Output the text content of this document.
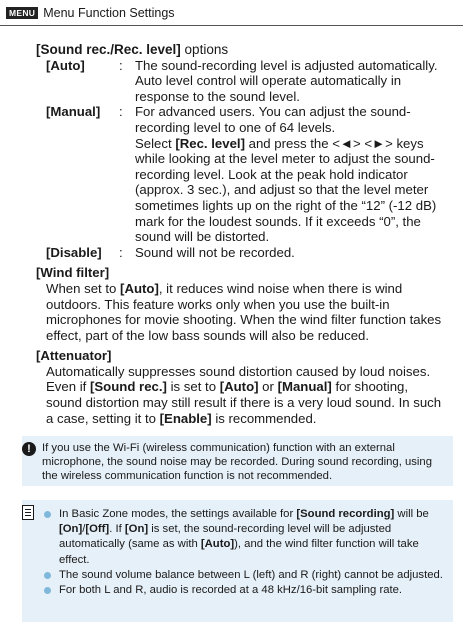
MENU Menu Function Settings
[Sound rec./Rec. level] options
[Auto]	: The sound-recording level is adjusted automatically. Auto level control will operate automatically in response to the sound level.
[Manual]	: For advanced users. You can adjust the sound-recording level to one of 64 levels.
Select [Rec. level] and press the <◄> <►> keys while looking at the level meter to adjust the sound-recording level. Look at the peak hold indicator (approx. 3 sec.), and adjust so that the level meter sometimes lights up on the right of the “12” (-12 dB) mark for the loudest sounds. If it exceeds “0”, the sound will be distorted.
[Disable]	: Sound will not be recorded.
[Wind filter]
When set to [Auto], it reduces wind noise when there is wind outdoors. This feature works only when you use the built-in microphones for movie shooting. When the wind filter function takes effect, part of the low bass sounds will also be reduced.
[Attenuator]
Automatically suppresses sound distortion caused by loud noises. Even if [Sound rec.] is set to [Auto] or [Manual] for shooting, sound distortion may still result if there is a very loud sound. In such a case, setting it to [Enable] is recommended.
! If you use the Wi-Fi (wireless communication) function with an external microphone, the sound noise may be recorded. During sound recording, using the wireless communication function is not recommended.
In Basic Zone modes, the settings available for [Sound recording] will be [On]/[Off]. If [On] is set, the sound-recording level will be adjusted automatically (same as with [Auto]), and the wind filter function will take effect.
The sound volume balance between L (left) and R (right) cannot be adjusted.
For both L and R, audio is recorded at a 48 kHz/16-bit sampling rate.
